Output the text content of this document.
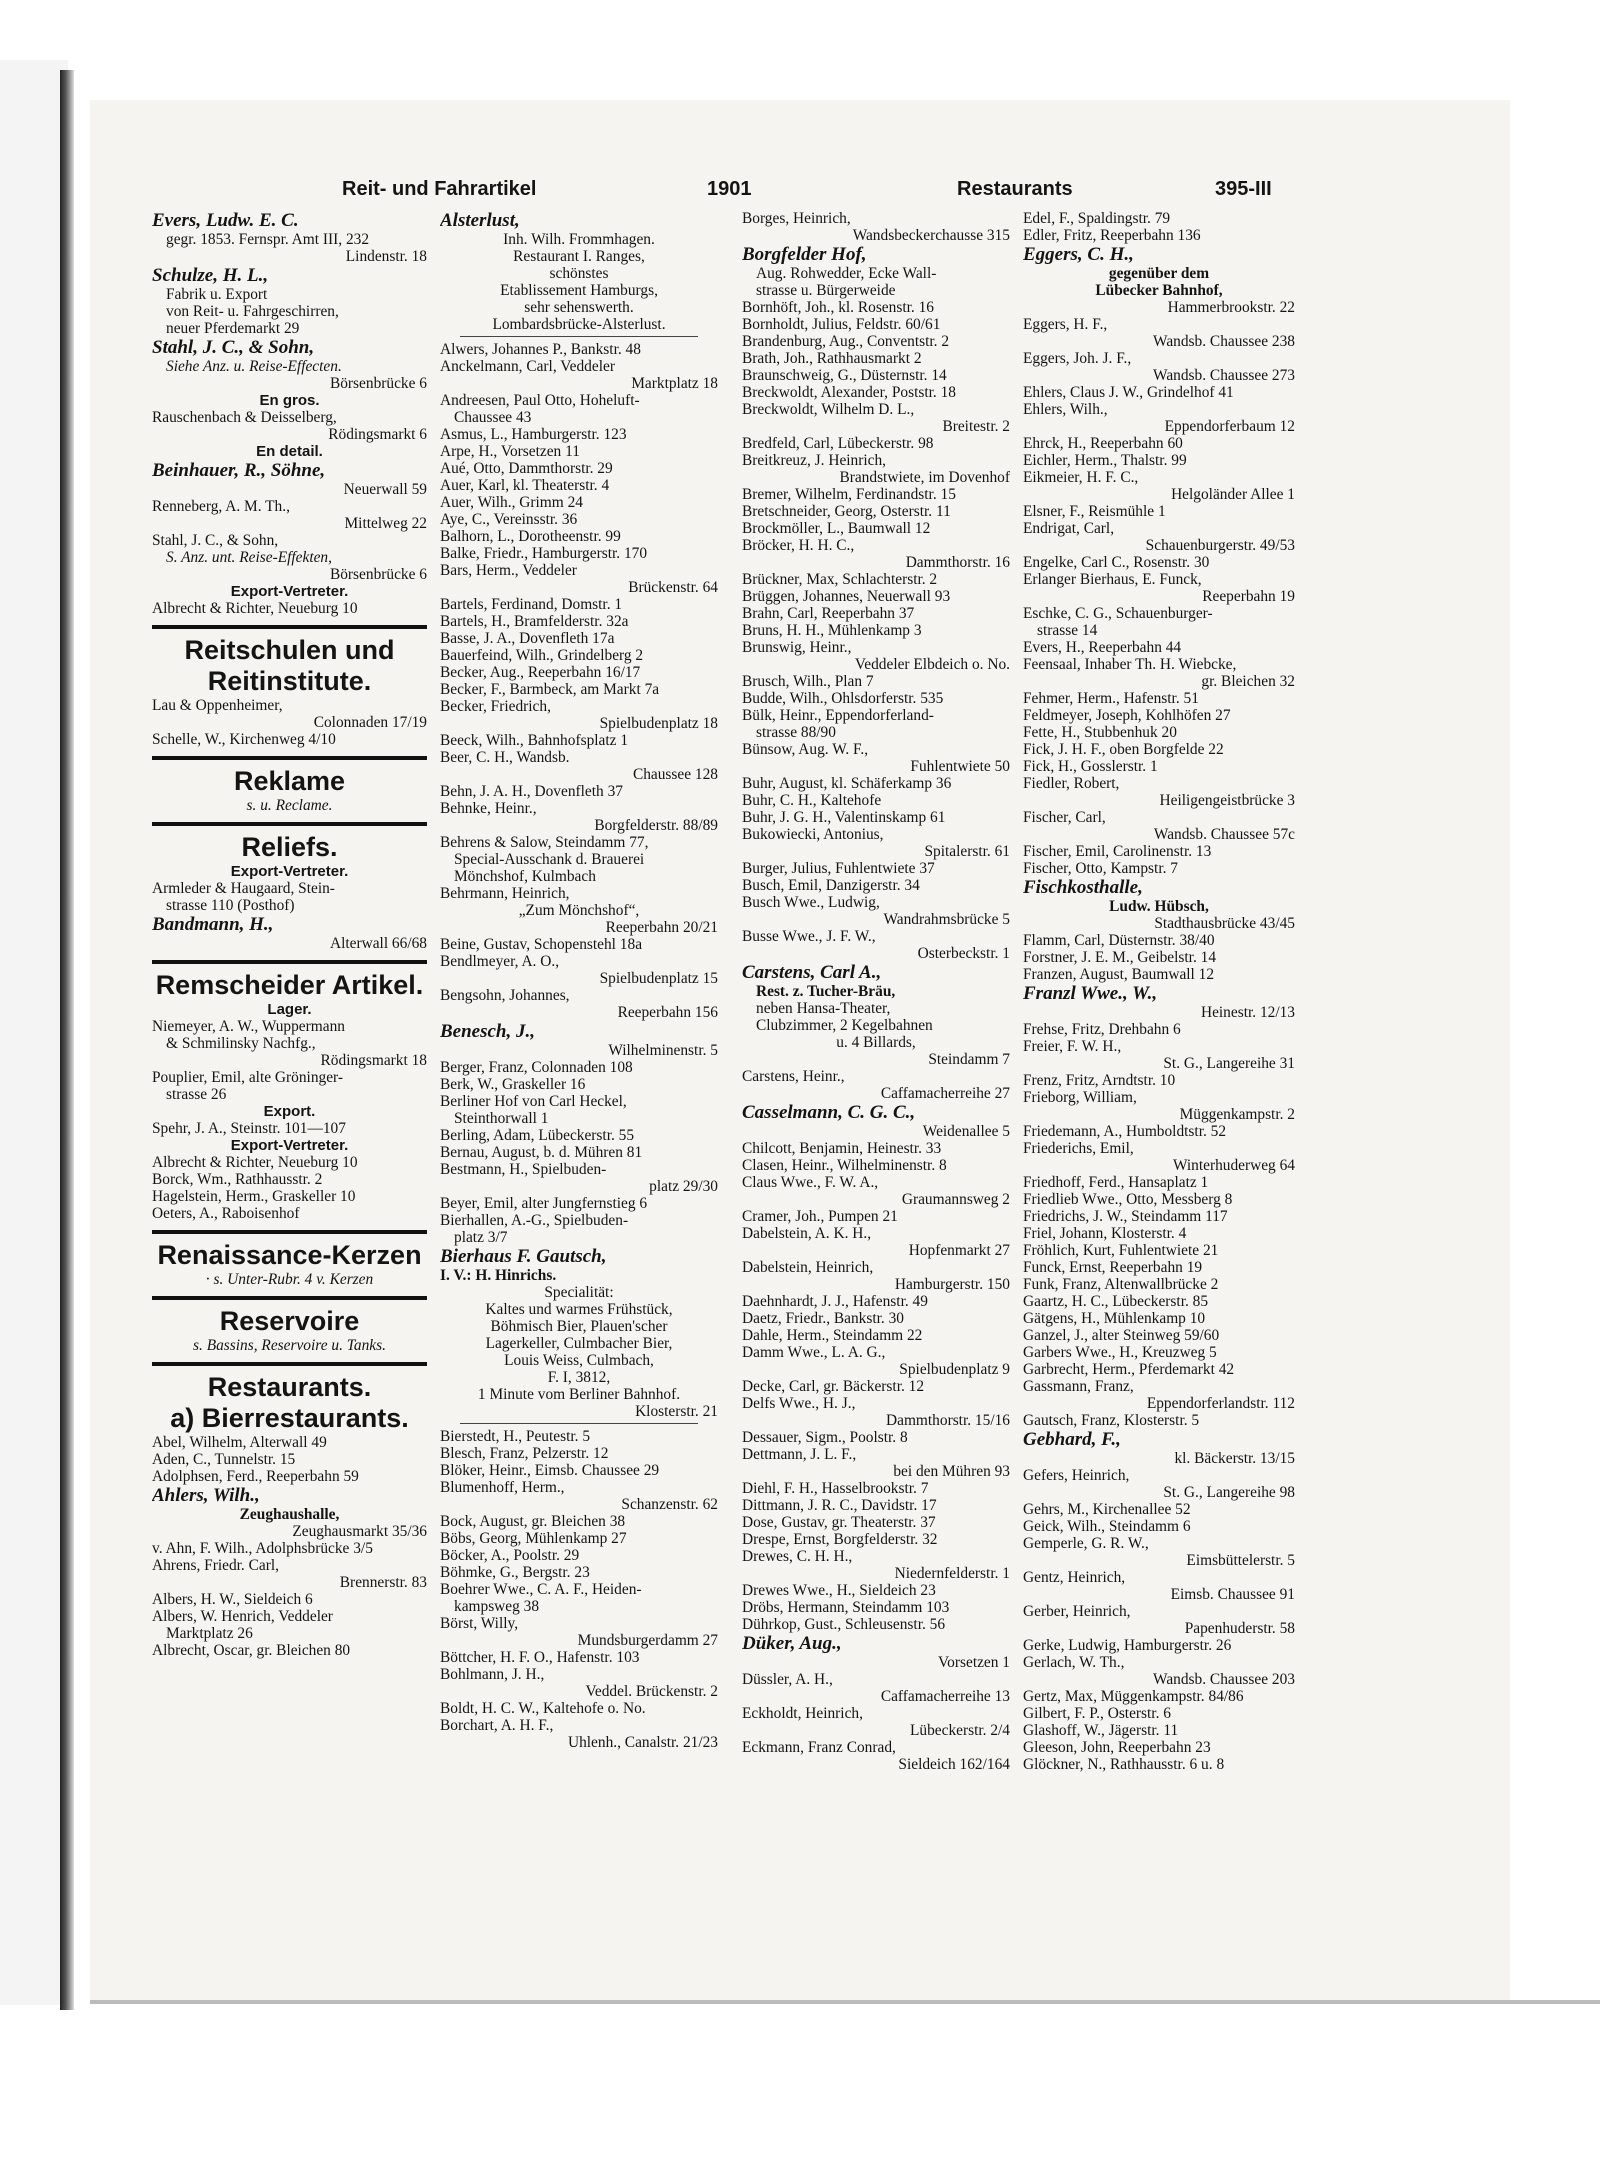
Reit- und Fahrartikel	1901	Restaurants	395-III
Evers, Ludw. E. C.
gegr. 1853. Fernspr. Amt III, 232
Lindenstr. 18
Schulze, H. L.,
Fabrik u. Export
von Reit- u. Fahrgeschirren,
neuer Pferdemarkt 29
Stahl, J. C., & Sohn,
Siehe Anz. u. Reise-Effecten.
Börsenbrücke 6
En gros.
Rauschenbach & Deisselberg,
Rödingsmarkt 6
En detail.
Beinhauer, R., Söhne,
Neuerwall 59
Renneberg, A. M. Th.,
Mittelweg 22
Stahl, J. C., & Sohn,
S. Anz. unt. Reise-Effekten,
Börsenbrücke 6
Export-Vertreter.
Albrecht & Richter, Neueburg 10
Reitschulen und
Reitinstitute.
Lau & Oppenheimer,
Colonnaden 17/19
Schelle, W., Kirchenweg 4/10
Reklame
s. u. Reclame.
Reliefs.
Export-Vertreter.
Armleder & Haugaard, Stein-
strasse 110 (Posthof)
Bandmann, H.,
Alterwall 66/68
Remscheider Artikel.
Lager.
Niemeyer, A. W., Wuppermann
& Schmilinsky Nachfg.,
Rödingsmarkt 18
Pouplier, Emil, alte Gröninger-
strasse 26
Export.
Spehr, J. A., Steinstr. 101—107
Export-Vertreter.
Albrecht & Richter, Neueburg 10
Borck, Wm., Rathhausstr. 2
Hagelstein, Herm., Graskeller 10
Oeters, A., Raboisenhof
Renaissance-Kerzen
· s. Unter-Rubr. 4 v. Kerzen
Reservoire
s. Bassins, Reservoire u. Tanks.
Restaurants.
a) Bierrestaurants.
Abel, Wilhelm, Alterwall 49
Aden, C., Tunnelstr. 15
Adolphsen, Ferd., Reeperbahn 59
Ahlers, Wilh.,
Zeughaushalle,
Zeughausmarkt 35/36
v. Ahn, F. Wilh., Adolphsbrücke 3/5
Ahrens, Friedr. Carl,
Brennerstr. 83
Albers, H. W., Sieldeich 6
Albers, W. Henrich, Veddeler
Marktplatz 26
Albrecht, Oscar, gr. Bleichen 80
Alsterlust,
Inh. Wilh. Frommhagen.
Restaurant I. Ranges,
schönstes
Etablissement Hamburgs,
sehr sehenswerth.
Lombardsbrücke-Alsterlust.
Alwers, Johannes P., Bankstr. 48
Anckelmann, Carl, Veddeler
Marktplatz 18
Andreesen, Paul Otto, Hoheluft-
Chaussee 43
Asmus, L., Hamburgerstr. 123
Arpe, H., Vorsetzen 11
Aué, Otto, Dammthorstr. 29
Auer, Karl, kl. Theaterstr. 4
Auer, Wilh., Grimm 24
Aye, C., Vereinsstr. 36
Balhorn, L., Dorotheenstr. 99
Balke, Friedr., Hamburgerstr. 170
Bars, Herm., Veddeler
Brückenstr. 64
Bartels, Ferdinand, Domstr. 1
Bartels, H., Bramfelderstr. 32a
Basse, J. A., Dovenfleth 17a
Bauerfeind, Wilh., Grindelberg 2
Becker, Aug., Reeperbahn 16/17
Becker, F., Barmbeck, am Markt 7a
Becker, Friedrich,
Spielbudenplatz 18
Beeck, Wilh., Bahnhofsplatz 1
Beer, C. H., Wandsb.
Chaussee 128
Behn, J. A. H., Dovenfleth 37
Behnke, Heinr.,
Borgfelderstr. 88/89
Behrens & Salow, Steindamm 77,
Special-Ausschank d. Brauerei
Mönchshof, Kulmbach
Behrmann, Heinrich,
„Zum Mönchshof“,
Reeperbahn 20/21
Beine, Gustav, Schopenstehl 18a
Bendlmeyer, A. O.,
Spielbudenplatz 15
Bengsohn, Johannes,
Reeperbahn 156
Benesch, J.,
Wilhelminenstr. 5
Berger, Franz, Colonnaden 108
Berk, W., Graskeller 16
Berliner Hof von Carl Heckel,
Steinthorwall 1
Berling, Adam, Lübeckerstr. 55
Bernau, August, b. d. Mühren 81
Bestmann, H., Spielbuden-
platz 29/30
Beyer, Emil, alter Jungfernstieg 6
Bierhallen, A.-G., Spielbuden-
platz 3/7
Bierhaus F. Gautsch,
I. V.: H. Hinrichs.
Specialität:
Kaltes und warmes Frühstück,
Böhmisch Bier, Plauen'scher
Lagerkeller, Culmbacher Bier,
Louis Weiss, Culmbach,
F. I, 3812,
1 Minute vom Berliner Bahnhof.
Klosterstr. 21
Bierstedt, H., Peutestr. 5
Blesch, Franz, Pelzerstr. 12
Blöker, Heinr., Eimsb. Chaussee 29
Blumenhoff, Herm.,
Schanzenstr. 62
Bock, August, gr. Bleichen 38
Böbs, Georg, Mühlenkamp 27
Böcker, A., Poolstr. 29
Böhmke, G., Bergstr. 23
Boehrer Wwe., C. A. F., Heiden-
kampsweg 38
Börst, Willy,
Mundsburgerdamm 27
Böttcher, H. F. O., Hafenstr. 103
Bohlmann, J. H.,
Veddel. Brückenstr. 2
Boldt, H. C. W., Kaltehofe o. No.
Borchart, A. H. F.,
Uhlenh., Canalstr. 21/23
Borges, Heinrich,
Wandsbeckerchausse 315
Borgfelder Hof,
Aug. Rohwedder, Ecke Wall-
strasse u. Bürgerweide
Bornhöft, Joh., kl. Rosenstr. 16
Bornholdt, Julius, Feldstr. 60/61
Brandenburg, Aug., Conventstr. 2
Brath, Joh., Rathhausmarkt 2
Braunschweig, G., Düsternstr. 14
Breckwoldt, Alexander, Poststr. 18
Breckwoldt, Wilhelm D. L.,
Breitestr. 2
Bredfeld, Carl, Lübeckerstr. 98
Breitkreuz, J. Heinrich,
Brandstwiete, im Dovenhof
Bremer, Wilhelm, Ferdinandstr. 15
Bretschneider, Georg, Osterstr. 11
Brockmöller, L., Baumwall 12
Bröcker, H. H. C.,
Dammthorstr. 16
Brückner, Max, Schlachterstr. 2
Brüggen, Johannes, Neuerwall 93
Brahn, Carl, Reeperbahn 37
Bruns, H. H., Mühlenkamp 3
Brunswig, Heinr.,
Veddeler Elbdeich o. No.
Brusch, Wilh., Plan 7
Budde, Wilh., Ohlsdorferstr. 535
Bülk, Heinr., Eppendorferland-
strasse 88/90
Bünsow, Aug. W. F.,
Fuhlentwiete 50
Buhr, August, kl. Schäferkamp 36
Buhr, C. H., Kaltehofe
Buhr, J. G. H., Valentinskamp 61
Bukowiecki, Antonius,
Spitalerstr. 61
Burger, Julius, Fuhlentwiete 37
Busch, Emil, Danzigerstr. 34
Busch Wwe., Ludwig,
Wandrahmsbrücke 5
Busse Wwe., J. F. W.,
Osterbeckstr. 1
Carstens, Carl A.,
Rest. z. Tucher-Bräu,
neben Hansa-Theater,
Clubzimmer, 2 Kegelbahnen
u. 4 Billards,
Steindamm 7
Carstens, Heinr.,
Caffamacherreihe 27
Casselmann, C. G. C.,
Weidenallee 5
Chilcott, Benjamin, Heinestr. 33
Clasen, Heinr., Wilhelminenstr. 8
Claus Wwe., F. W. A.,
Graumannsweg 2
Cramer, Joh., Pumpen 21
Dabelstein, A. K. H.,
Hopfenmarkt 27
Dabelstein, Heinrich,
Hamburgerstr. 150
Daehnhardt, J. J., Hafenstr. 49
Daetz, Friedr., Bankstr. 30
Dahle, Herm., Steindamm 22
Damm Wwe., L. A. G.,
Spielbudenplatz 9
Decke, Carl, gr. Bäckerstr. 12
Delfs Wwe., H. J.,
Dammthorstr. 15/16
Dessauer, Sigm., Poolstr. 8
Dettmann, J. L. F.,
bei den Mühren 93
Diehl, F. H., Hasselbrookstr. 7
Dittmann, J. R. C., Davidstr. 17
Dose, Gustav, gr. Theaterstr. 37
Drespe, Ernst, Borgfelderstr. 32
Drewes, C. H. H.,
Niedernfelderstr. 1
Drewes Wwe., H., Sieldeich 23
Dröbs, Hermann, Steindamm 103
Dührkop, Gust., Schleusenstr. 56
Düker, Aug.,
Vorsetzen 1
Düssler, A. H.,
Caffamacherreihe 13
Eckholdt, Heinrich,
Lübeckerstr. 2/4
Eckmann, Franz Conrad,
Sieldeich 162/164
Edel, F., Spaldingstr. 79
Edler, Fritz, Reeperbahn 136
Eggers, C. H.,
gegenüber dem
Lübecker Bahnhof,
Hammerbrookstr. 22
Eggers, H. F.,
Wandsb. Chaussee 238
Eggers, Joh. J. F.,
Wandsb. Chaussee 273
Ehlers, Claus J. W., Grindelhof 41
Ehlers, Wilh.,
Eppendorferbaum 12
Ehrck, H., Reeperbahn 60
Eichler, Herm., Thalstr. 99
Eikmeier, H. F. C.,
Helgoländer Allee 1
Elsner, F., Reismühle 1
Endrigat, Carl,
Schauenburgerstr. 49/53
Engelke, Carl C., Rosenstr. 30
Erlanger Bierhaus, E. Funck,
Reeperbahn 19
Eschke, C. G., Schauenburger-
strasse 14
Evers, H., Reeperbahn 44
Feensaal, Inhaber Th. H. Wiebcke,
gr. Bleichen 32
Fehmer, Herm., Hafenstr. 51
Feldmeyer, Joseph, Kohlhöfen 27
Fette, H., Stubbenhuk 20
Fick, J. H. F., oben Borgfelde 22
Fick, H., Gosslerstr. 1
Fiedler, Robert,
Heiligengeistbrücke 3
Fischer, Carl,
Wandsb. Chaussee 57c
Fischer, Emil, Carolinenstr. 13
Fischer, Otto, Kampstr. 7
Fischkosthalle,
Ludw. Hübsch,
Stadthausbrücke 43/45
Flamm, Carl, Düsternstr. 38/40
Forstner, J. E. M., Geibelstr. 14
Franzen, August, Baumwall 12
Franzl Wwe., W.,
Heinestr. 12/13
Frehse, Fritz, Drehbahn 6
Freier, F. W. H.,
St. G., Langereihe 31
Frenz, Fritz, Arndtstr. 10
Frieborg, William,
Müggenkampstr. 2
Friedemann, A., Humboldtstr. 52
Friederichs, Emil,
Winterhuderweg 64
Friedhoff, Ferd., Hansaplatz 1
Friedlieb Wwe., Otto, Messberg 8
Friedrichs, J. W., Steindamm 117
Friel, Johann, Klosterstr. 4
Fröhlich, Kurt, Fuhlentwiete 21
Funck, Ernst, Reeperbahn 19
Funk, Franz, Altenwallbrücke 2
Gaartz, H. C., Lübeckerstr. 85
Gätgens, H., Mühlenkamp 10
Ganzel, J., alter Steinweg 59/60
Garbers Wwe., H., Kreuzweg 5
Garbrecht, Herm., Pferdemarkt 42
Gassmann, Franz,
Eppendorferlandstr. 112
Gautsch, Franz, Klosterstr. 5
Gebhard, F.,
kl. Bäckerstr. 13/15
Gefers, Heinrich,
St. G., Langereihe 98
Gehrs, M., Kirchenallee 52
Geick, Wilh., Steindamm 6
Gemperle, G. R. W.,
Eimsbüttelerstr. 5
Gentz, Heinrich,
Eimsb. Chaussee 91
Gerber, Heinrich,
Papenhuderstr. 58
Gerke, Ludwig, Hamburgerstr. 26
Gerlach, W. Th.,
Wandsb. Chaussee 203
Gertz, Max, Müggenkampstr. 84/86
Gilbert, F. P., Osterstr. 6
Glashoff, W., Jägerstr. 11
Gleeson, John, Reeperbahn 23
Glöckner, N., Rathhausstr. 6 u. 8
